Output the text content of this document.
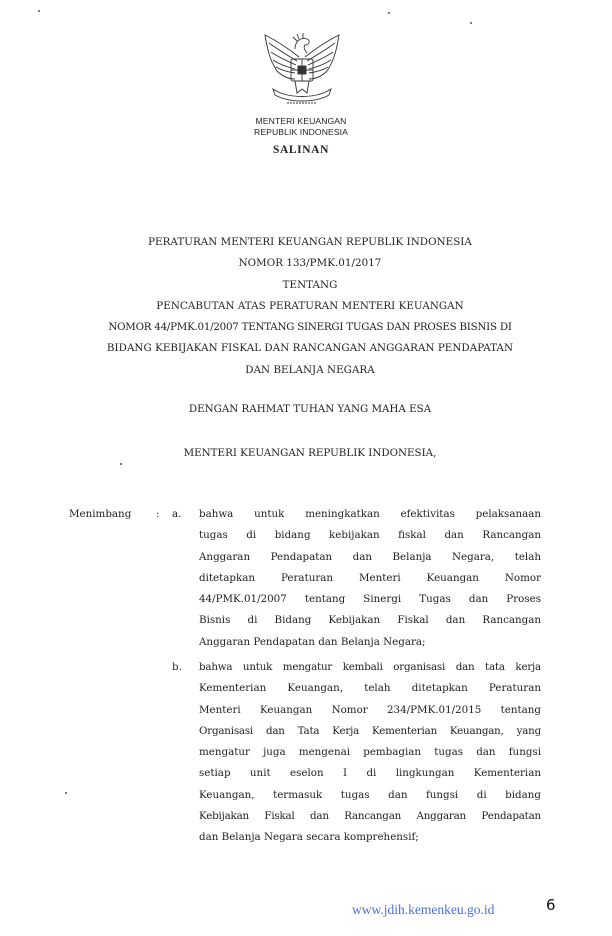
MENTERI KEUANGAN
REPUBLIK INDONESIA
SALINAN
PERATURAN MENTERI KEUANGAN REPUBLIK INDONESIA
NOMOR 133/PMK.01/2017
TENTANG
PENCABUTAN ATAS PERATURAN MENTERI KEUANGAN
NOMOR 44/PMK.01/2007 TENTANG SINERGI TUGAS DAN PROSES BISNIS DI
BIDANG KEBIJAKAN FISKAL DAN RANCANGAN ANGGARAN PENDAPATAN
DAN BELANJA NEGARA
DENGAN RAHMAT TUHAN YANG MAHA ESA
MENTERI KEUANGAN REPUBLIK INDONESIA,
Menimbang : a. bahwa untuk meningkatkan efektivitas pelaksanaan
tugas di bidang kebijakan fiskal dan Rancangan
Anggaran Pendapatan dan Belanja Negara, telah
ditetapkan Peraturan Menteri Keuangan Nomor
44/PMK.01/2007 tentang Sinergi Tugas dan Proses
Bisnis di Bidang Kebijakan Fiskal dan Rancangan
Anggaran Pendapatan dan Belanja Negara;
b. bahwa untuk mengatur kembali organisasi dan tata kerja
Kementerian Keuangan, telah ditetapkan Peraturan
Menteri Keuangan Nomor 234/PMK.01/2015 tentang
Organisasi dan Tata Kerja Kementerian Keuangan, yang
mengatur juga mengenai pembagian tugas dan fungsi
setiap unit eselon I di lingkungan Kementerian
Keuangan, termasuk tugas dan fungsi di bidang
Kebijakan Fiskal dan Rancangan Anggaran Pendapatan
dan Belanja Negara secara komprehensif;
www.jdih.kemenkeu.go.id	6
